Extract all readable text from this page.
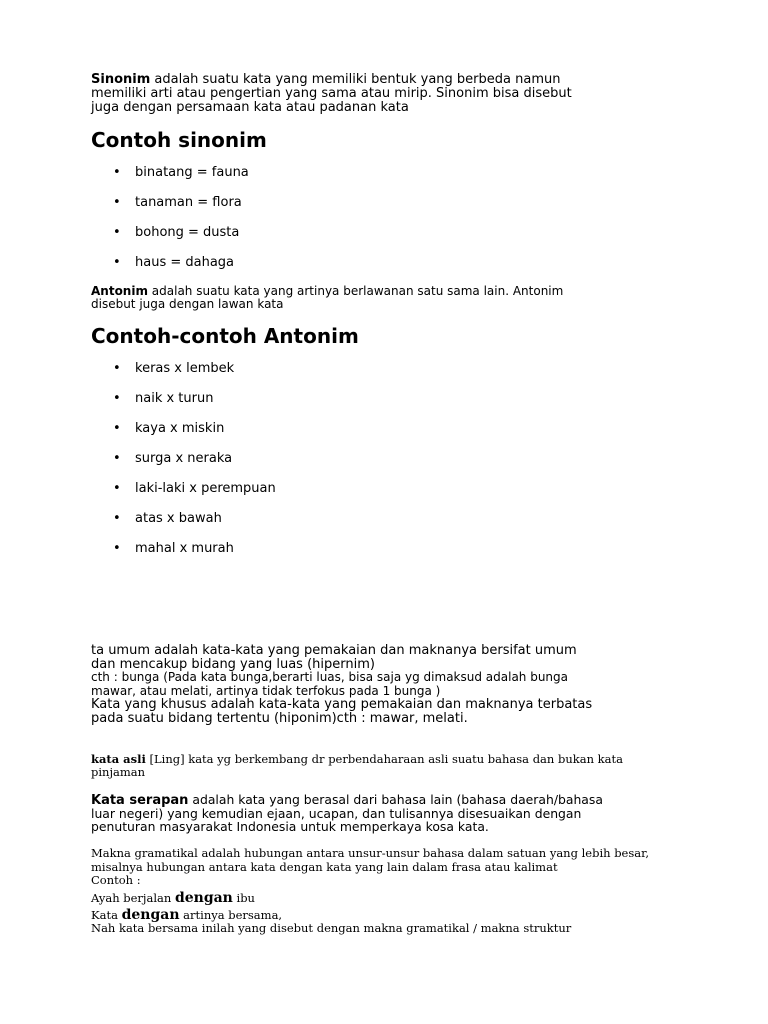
Sinonim adalah suatu kata yang memiliki bentuk yang berbeda namun
memiliki arti atau pengertian yang sama atau mirip. Sinonim bisa disebut
juga dengan persamaan kata atau padanan kata
Contoh sinonim
• binatang = fauna
• tanaman = flora
• bohong = dusta
• haus = dahaga
Antonim adalah suatu kata yang artinya berlawanan satu sama lain. Antonim
disebut juga dengan lawan kata
Contoh-contoh Antonim
• keras x lembek
• naik x turun
• kaya x miskin
• surga x neraka
• laki-laki x perempuan
• atas x bawah
• mahal x murah
ta umum adalah kata-kata yang pemakaian dan maknanya bersifat umum
dan mencakup bidang yang luas (hipernim)
cth : bunga (Pada kata bunga,berarti luas, bisa saja yg dimaksud adalah bunga
mawar, atau melati, artinya tidak terfokus pada 1 bunga )
Kata yang khusus adalah kata-kata yang pemakaian dan maknanya terbatas
pada suatu bidang tertentu (hiponim)cth : mawar, melati.
kata asli [Ling] kata yg berkembang dr perbendaharaan asli suatu bahasa dan bukan kata
pinjaman
Kata serapan adalah kata yang berasal dari bahasa lain (bahasa daerah/bahasa
luar negeri) yang kemudian ejaan, ucapan, dan tulisannya disesuaikan dengan
penuturan masyarakat Indonesia untuk memperkaya kosa kata.
Makna gramatikal adalah hubungan antara unsur-unsur bahasa dalam satuan yang lebih besar,
misalnya hubungan antara kata dengan kata yang lain dalam frasa atau kalimat
Contoh :
Ayah berjalan dengan ibu
Kata dengan artinya bersama,
Nah kata bersama inilah yang disebut dengan makna gramatikal / makna struktur
